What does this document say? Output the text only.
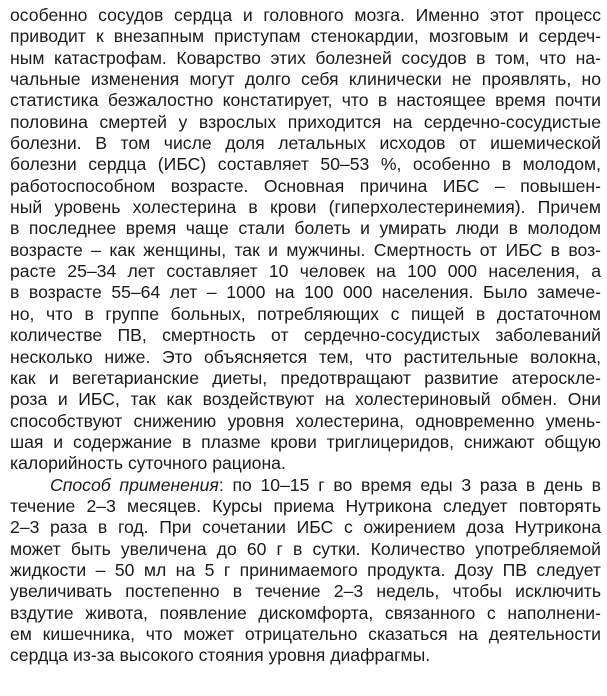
особенно сосудов сердца и головного мозга. Именно этот процесс
приводит к внезапным приступам стенокардии, мозговым и сердеч-
ным катастрофам. Коварство этих болезней сосудов в том, что на-
чальные изменения могут долго себя клинически не проявлять, но
статистика безжалостно констатирует, что в настоящее время почти
половина смертей у взрослых приходится на сердечно-сосудистые
болезни. В том числе доля летальных исходов от ишемической
болезни сердца (ИБС) составляет 50–53 %, особенно в молодом,
работоспособном возрасте. Основная причина ИБС – повышен-
ный уровень холестерина в крови (гиперхолестеринемия). Причем
в последнее время чаще стали болеть и умирать люди в молодом
возрасте – как женщины, так и мужчины. Смертность от ИБС в воз-
расте 25–34 лет составляет 10 человек на 100 000 населения, а
в возрасте 55–64 лет – 1000 на 100 000 населения. Было замече-
но, что в группе больных, потребляющих с пищей в достаточном
количестве ПВ, смертность от сердечно-сосудистых заболеваний
несколько ниже. Это объясняется тем, что растительные волокна,
как и вегетарианские диеты, предотвращают развитие атероскле-
роза и ИБС, так как воздействуют на холестериновый обмен. Они
способствуют снижению уровня холестерина, одновременно умень-
шая и содержание в плазме крови триглицеридов, снижают общую
калорийность суточного рациона.
Способ применения: по 10–15 г во время еды 3 раза в день в
течение 2–3 месяцев. Курсы приема Нутрикона следует повторять
2–3 раза в год. При сочетании ИБС с ожирением доза Нутрикона
может быть увеличена до 60 г в сутки. Количество употребляемой
жидкости – 50 мл на 5 г принимаемого продукта. Дозу ПВ следует
увеличивать постепенно в течение 2–3 недель, чтобы исключить
вздутие живота, появление дискомфорта, связанного с наполнени-
ем кишечника, что может отрицательно сказаться на деятельности
сердца из-за высокого стояния уровня диафрагмы.
